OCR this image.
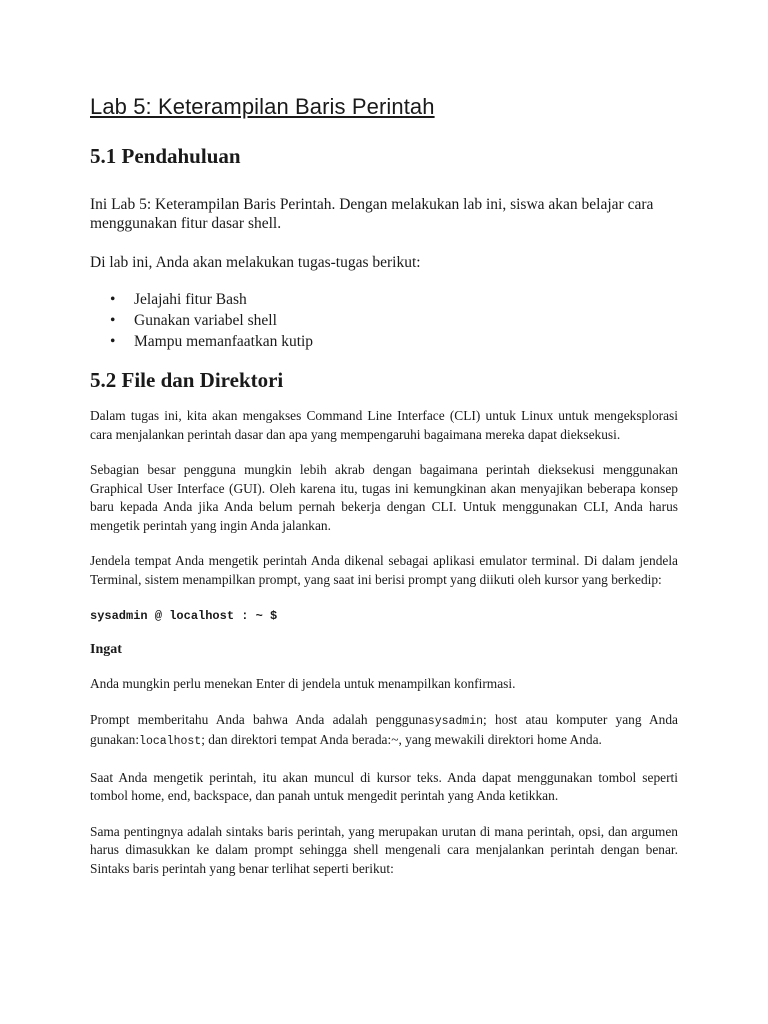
Lab 5: Keterampilan Baris Perintah
5.1 Pendahuluan

Ini Lab 5: Keterampilan Baris Perintah. Dengan melakukan lab ini, siswa akan belajar cara menggunakan fitur dasar shell.

Di lab ini, Anda akan melakukan tugas-tugas berikut:

• Jelajahi fitur Bash
• Gunakan variabel shell
• Mampu memanfaatkan kutip
5.2 File dan Direktori

Dalam tugas ini, kita akan mengakses Command Line Interface (CLI) untuk Linux untuk mengeksplorasi cara menjalankan perintah dasar dan apa yang mempengaruhi bagaimana mereka dapat dieksekusi.

Sebagian besar pengguna mungkin lebih akrab dengan bagaimana perintah dieksekusi menggunakan Graphical User Interface (GUI). Oleh karena itu, tugas ini kemungkinan akan menyajikan beberapa konsep baru kepada Anda jika Anda belum pernah bekerja dengan CLI. Untuk menggunakan CLI, Anda harus mengetik perintah yang ingin Anda jalankan.

Jendela tempat Anda mengetik perintah Anda dikenal sebagai aplikasi emulator terminal. Di dalam jendela Terminal, sistem menampilkan prompt, yang saat ini berisi prompt yang diikuti oleh kursor yang berkedip:

sysadmin @ localhost : ~ $
Ingat

Anda mungkin perlu menekan Enter di jendela untuk menampilkan konfirmasi.

Prompt memberitahu Anda bahwa Anda adalah penggunasysadmin; host atau komputer yang Anda gunakan:localhost; dan direktori tempat Anda berada:~, yang mewakili direktori home Anda.

Saat Anda mengetik perintah, itu akan muncul di kursor teks. Anda dapat menggunakan tombol seperti tombol home, end, backspace, dan panah untuk mengedit perintah yang Anda ketikkan.

Sama pentingnya adalah sintaks baris perintah, yang merupakan urutan di mana perintah, opsi, dan argumen harus dimasukkan ke dalam prompt sehingga shell mengenali cara menjalankan perintah dengan benar. Sintaks baris perintah yang benar terlihat seperti berikut:
